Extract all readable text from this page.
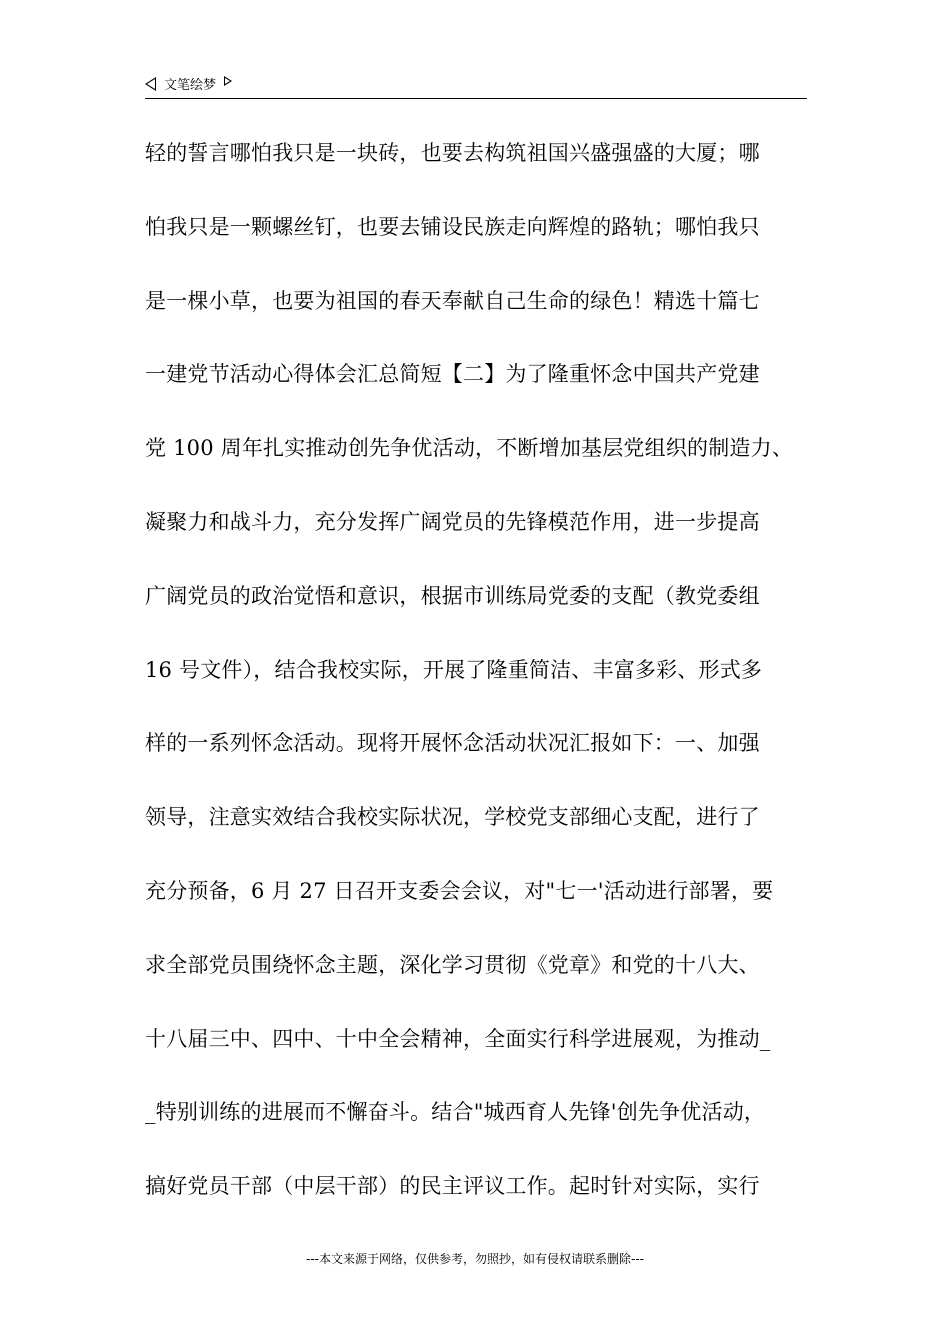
文笔绘梦
轻的誓言哪怕我只是一块砖，也要去构筑祖国兴盛强盛的大厦；哪
怕我只是一颗螺丝钉，也要去铺设民族走向辉煌的路轨；哪怕我只
是一棵小草，也要为祖国的春天奉献自己生命的绿色！精选十篇七
一建党节活动心得体会汇总简短【二】为了隆重怀念中国共产党建
党 100 周年扎实推动创先争优活动，不断增加基层党组织的制造力、
凝聚力和战斗力，充分发挥广阔党员的先锋模范作用，进一步提高
广阔党员的政治觉悟和意识，根据市训练局党委的支配（教党委组
16 号文件），结合我校实际，开展了隆重简洁、丰富多彩、形式多
样的一系列怀念活动。现将开展怀念活动状况汇报如下：一、加强
领导，注意实效结合我校实际状况，学校党支部细心支配，进行了
充分预备，6 月 27 日召开支委会会议，对"七一'活动进行部署，要
求全部党员围绕怀念主题，深化学习贯彻《党章》和党的十八大、
十八届三中、四中、十中全会精神，全面实行科学进展观，为推动_
_特别训练的进展而不懈奋斗。结合"城西育人先锋'创先争优活动，
搞好党员干部（中层干部）的民主评议工作。起时针对实际，实行
---本文来源于网络，仅供参考，勿照抄，如有侵权请联系删除---
